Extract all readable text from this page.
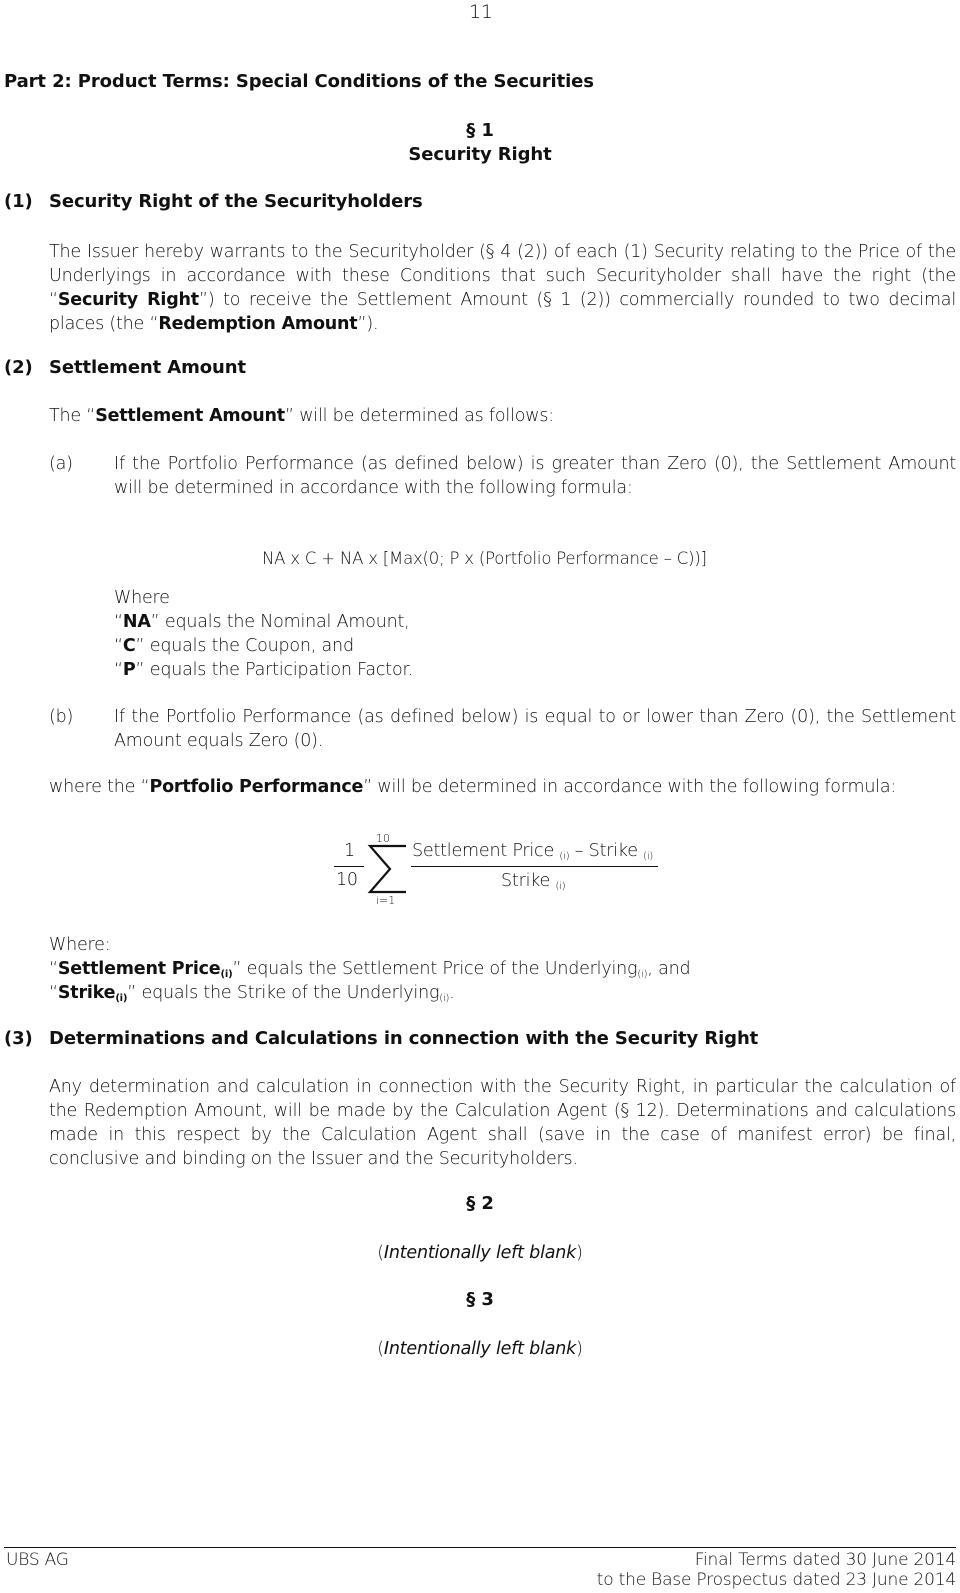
11
Part 2: Product Terms: Special Conditions of the Securities
§ 1
Security Right
(1) Security Right of the Securityholders
The Issuer hereby warrants to the Securityholder (§ 4 (2)) of each (1) Security relating to the Price of the Underlyings in accordance with these Conditions that such Securityholder shall have the right (the “Security Right”) to receive the Settlement Amount (§ 1 (2)) commercially rounded to two decimal places (the “Redemption Amount”).
(2) Settlement Amount
The “Settlement Amount” will be determined as follows:
(a) If the Portfolio Performance (as defined below) is greater than Zero (0), the Settlement Amount will be determined in accordance with the following formula:
NA x C + NA x [Max(0; P x (Portfolio Performance – C))]
Where
“NA” equals the Nominal Amount,
“C” equals the Coupon, and
“P” equals the Participation Factor.
(b) If the Portfolio Performance (as defined below) is equal to or lower than Zero (0), the Settlement Amount equals Zero (0).
where the “Portfolio Performance” will be determined in accordance with the following formula:
1
10
10
i=1
Settlement Price $_{(i)}$ – Strike $_{(i)}$
Strike $_{(i)}$
Where:
“Settlement Price$_{(i)}$” equals the Settlement Price of the Underlying$_{(i)}$, and
“Strike$_{(i)}$” equals the Strike of the Underlying$_{(i)}$.
(3) Determinations and Calculations in connection with the Security Right
Any determination and calculation in connection with the Security Right, in particular the calculation of the Redemption Amount, will be made by the Calculation Agent (§ 12). Determinations and calculations made in this respect by the Calculation Agent shall (save in the case of manifest error) be final, conclusive and binding on the Issuer and the Securityholders.
§ 2
(Intentionally left blank)
§ 3
(Intentionally left blank)
UBS AG	Final Terms dated 30 June 2014
to the Base Prospectus dated 23 June 2014
